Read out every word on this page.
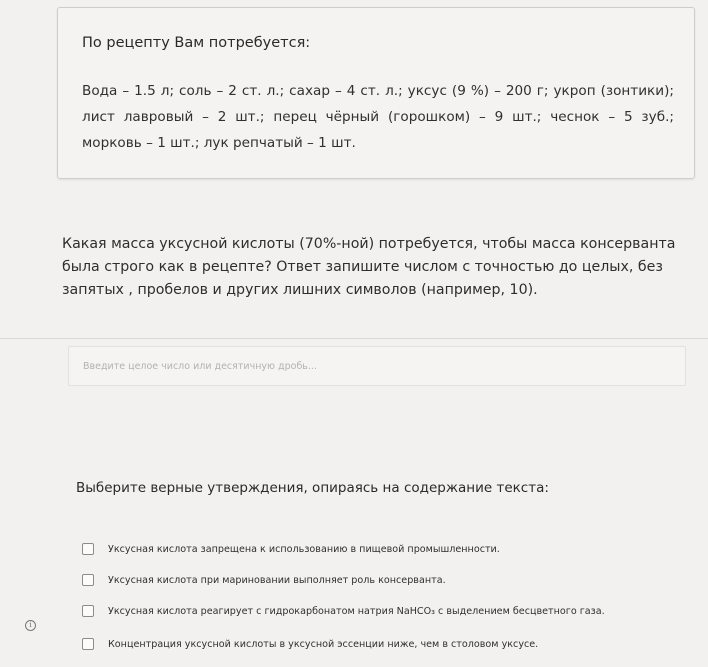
По рецепту Вам потребуется:
Вода – 1.5 л; соль – 2 ст. л.; сахар – 4 ст. л.; уксус (9 %) – 200 г; укроп (зонтики); лист лавровый – 2 шт.; перец чёрный (горошком) – 9 шт.; чеснок – 5 зуб.; морковь – 1 шт.; лук репчатый – 1 шт.
Какая масса уксусной кислоты (70%-ной) потребуется, чтобы масса консерванта была строго как в рецепте? Ответ запишите числом с точностью до целых, без запятых , пробелов и других лишних символов (например, 10).
Введите целое число или десятичную дробь...
Выберите верные утверждения, опираясь на содержание текста:
Уксусная кислота запрещена к использованию в пищевой промышленности.
Уксусная кислота при мариновании выполняет роль консерванта.
Уксусная кислота реагирует с гидрокарбонатом натрия NaHCO₃ с выделением бесцветного газа.
Концентрация уксусной кислоты в уксусной эссенции ниже, чем в столовом уксусе.
i
